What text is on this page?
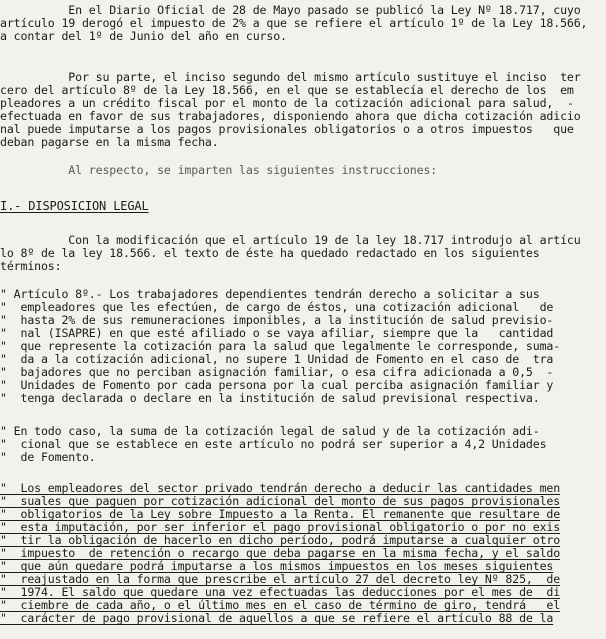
En el Diario Oficial de 28 de Mayo pasado se publicó la Ley Nº 18.717, cuyo
artículo 19 derogó el impuesto de 2% a que se refiere el artículo 1º de la Ley 18.566,
a contar del 1º de Junio del año en curso.
Por su parte, el inciso segundo del mismo artículo sustituye el inciso  ter
cero del artículo 8º de la Ley 18.566, en el que se establecía el derecho de los  em
pleadores a un crédito fiscal por el monto de la cotización adicional para salud,  -
efectuada en favor de sus trabajadores, disponiendo ahora que dicha cotización adicio
nal puede imputarse a los pagos provisionales obligatorios o a otros impuestos   que
deban pagarse en la misma fecha.
Al respecto, se imparten las siguientes instrucciones:
I.- DISPOSICION LEGAL
Con la modificación que el artículo 19 de la ley 18.717 introdujo al artícu
lo 8º de la ley 18.566. el texto de éste ha quedado redactado en los siguientes
términos:
" Artículo 8º.- Los trabajadores dependientes tendrán derecho a solicitar a sus
"  empleadores que les efectúen, de cargo de éstos, una cotización adicional   de
"  hasta 2% de sus remuneraciones imponibles, a la institución de salud previsio-
"  nal (ISAPRE) en que esté afiliado o se vaya afiliar, siempre que la   cantidad
"  que represente la cotización para la salud que legalmente le corresponde, suma-
"  da a la cotización adicional, no supere 1 Unidad de Fomento en el caso de  tra
"  bajadores que no perciban asignación familiar, o esa cifra adicionada a 0,5  -
"  Unidades de Fomento por cada persona por la cual perciba asignación familiar y
"  tenga declarada o declare en la institución de salud previsional respectiva.
" En todo caso, la suma de la cotización legal de salud y de la cotización adi-
"  cional que se establece en este artículo no podrá ser superior a 4,2 Unidades
"  de Fomento.
"  Los empleadores del sector privado tendrán derecho a deducir las cantidades men
"  suales que paguen por cotización adicional del monto de sus pagos provisionales
"  obligatorios de la Ley sobre Impuesto a la Renta. El remanente que resultare de
"  esta imputación, por ser inferior el pago provisional obligatorio o por no exis
"  tir la obligación de hacerlo en dicho período, podrá imputarse a cualquier otro
"  impuesto  de retención o recargo que deba pagarse en la misma fecha, y el saldo
"  que aún quedare podrá imputarse a los mismos impuestos en los meses siguientes
"  reajustado en la forma que prescribe el artículo 27 del decreto ley Nº 825,  de
"  1974. El saldo que quedare una vez efectuadas las deducciones por el mes de  di
"  ciembre de cada año, o el último mes en el caso de término de giro, tendrá   el
"  carácter de pago provisional de aquellos a que se refiere el artículo 88 de la
